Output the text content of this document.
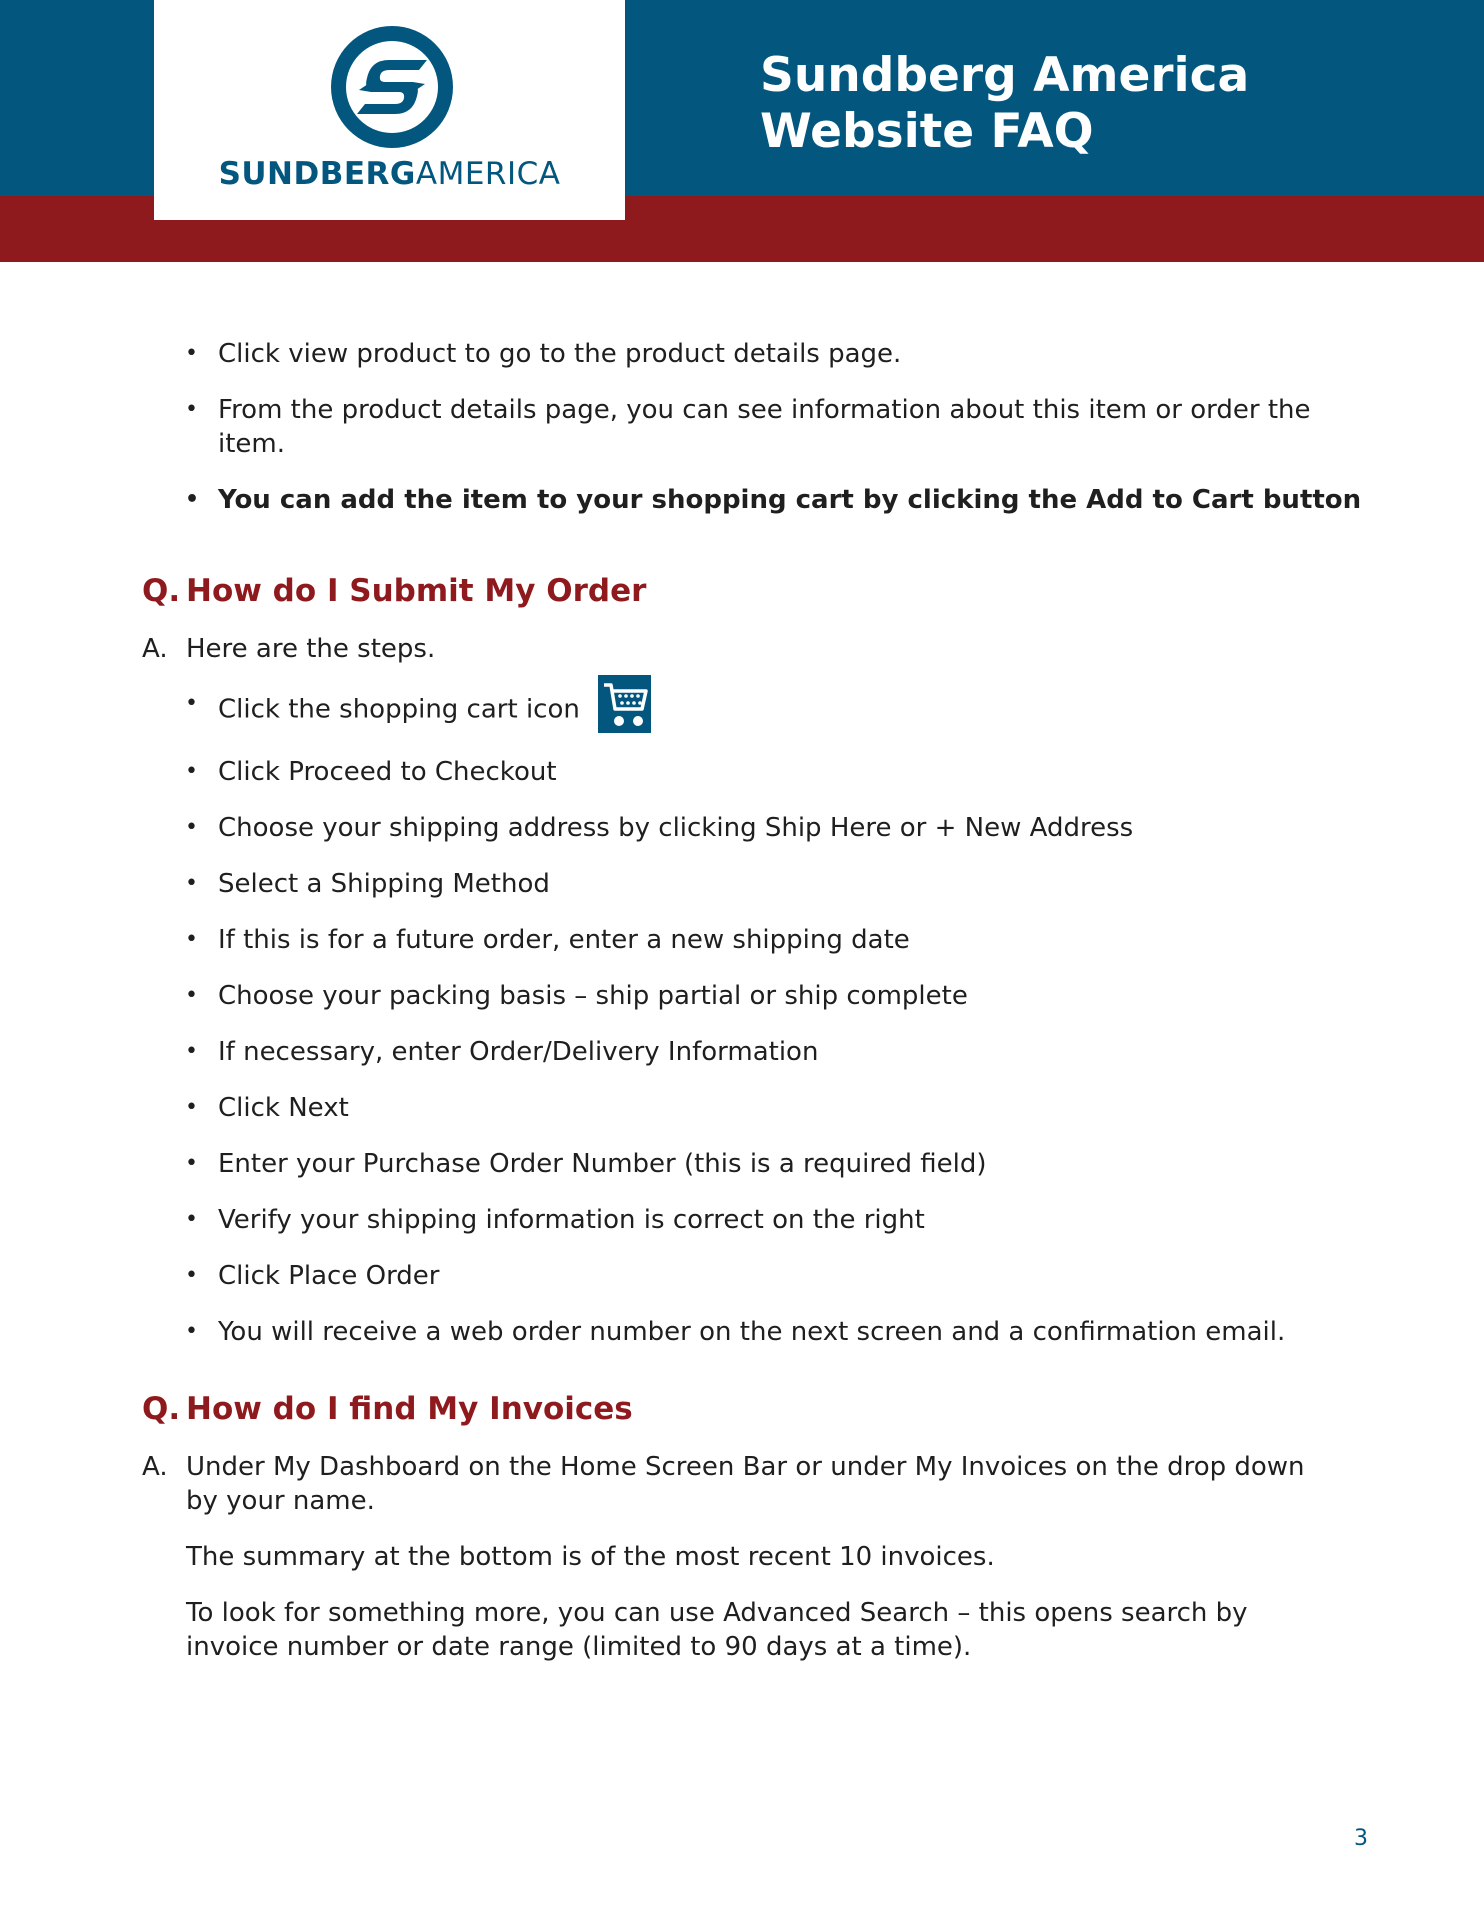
SUNDBERGAMERICA
Sundberg America
Website FAQ
• Click view product to go to the product details page.
• From the product details page, you can see information about this item or order the item.
• You can add the item to your shopping cart by clicking the Add to Cart button
Q. How do I Submit My Order
A. Here are the steps.

• Click the shopping cart icon
• Click Proceed to Checkout
• Choose your shipping address by clicking Ship Here or + New Address
• Select a Shipping Method
• If this is for a future order, enter a new shipping date
• Choose your packing basis – ship partial or ship complete
• If necessary, enter Order/Delivery Information
• Click Next
• Enter your Purchase Order Number (this is a required field)
• Verify your shipping information is correct on the right
• Click Place Order
• You will receive a web order number on the next screen and a confirmation email.
Q. How do I find My Invoices
A. Under My Dashboard on the Home Screen Bar or under My Invoices on the drop down by your name.

The summary at the bottom is of the most recent 10 invoices.

To look for something more, you can use Advanced Search – this opens search by invoice number or date range (limited to 90 days at a time).

3
